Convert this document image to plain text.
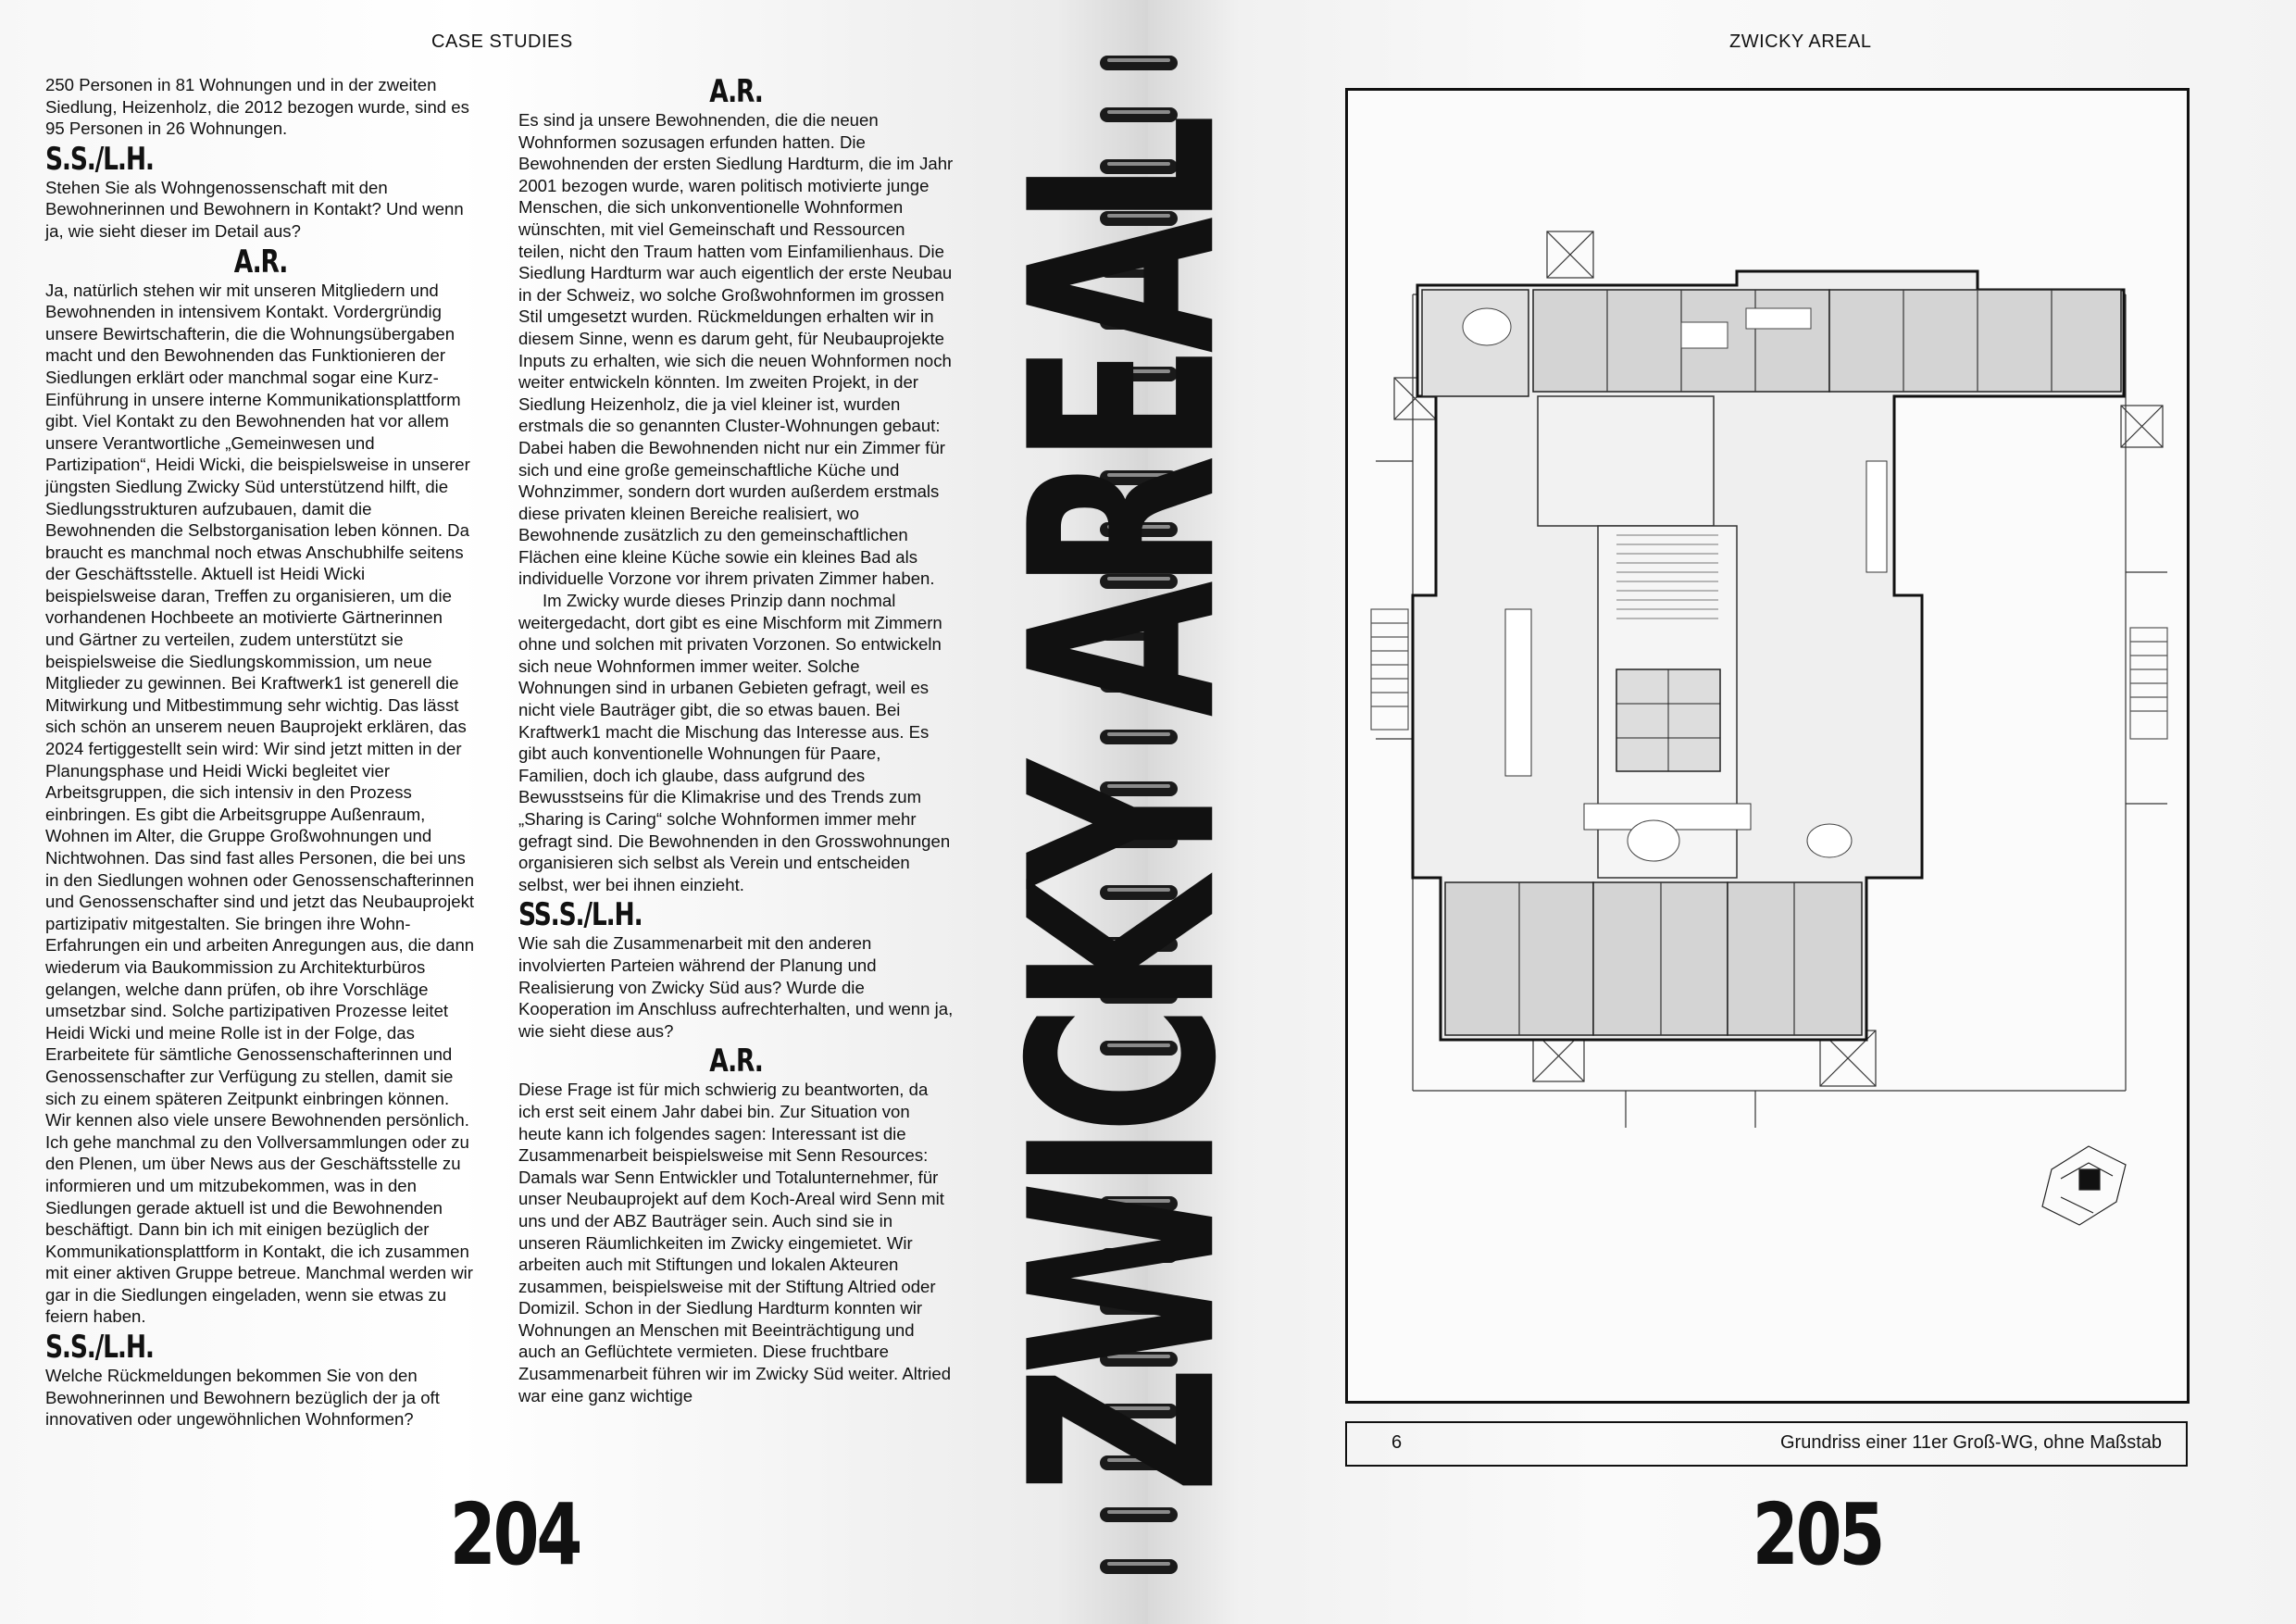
CASE STUDIES

250 Personen in 81 Wohnungen und in der zweiten Siedlung, Heizenholz, die 2012 bezogen wurde, sind es 95 Personen in 26 Wohnungen.

S.S./L.H.

Stehen Sie als Wohngenossenschaft mit den Bewohnerinnen und Bewohnern in Kontakt? Und wenn ja, wie sieht dieser im Detail aus?

A.R.

Ja, natürlich stehen wir mit unseren Mitgliedern und Bewohnenden in intensivem Kontakt. Vordergründig unsere Bewirtschafterin, die die Wohnungsübergaben macht und den Bewohnenden das Funktionieren der Siedlungen erklärt oder manchmal sogar eine Kurz-Einführung in unsere interne Kommunikationsplattform gibt. Viel Kontakt zu den Bewohnenden hat vor allem unsere Verantwortliche „Gemeinwesen und Partizipation“, Heidi Wicki, die beispielsweise in unserer jüngsten Siedlung Zwicky Süd unterstützend hilft, die Siedlungsstrukturen aufzubauen, damit die Bewohnenden die Selbstorganisation leben können. Da braucht es manchmal noch etwas Anschubhilfe seitens der Geschäftsstelle. Aktuell ist Heidi Wicki beispielsweise daran, Treffen zu organisieren, um die vorhandenen Hochbeete an motivierte Gärtnerinnen und Gärtner zu verteilen, zudem unterstützt sie beispielsweise die Siedlungskommission, um neue Mitglieder zu gewinnen. Bei Kraftwerk1 ist generell die Mitwirkung und Mitbestimmung sehr wichtig. Das lässt sich schön an unserem neuen Bauprojekt erklären, das 2024 fertiggestellt sein wird: Wir sind jetzt mitten in der Planungsphase und Heidi Wicki begleitet vier Arbeitsgruppen, die sich intensiv in den Prozess einbringen. Es gibt die Arbeitsgruppe Außenraum, Wohnen im Alter, die Gruppe Großwohnungen und Nichtwohnen. Das sind fast alles Personen, die bei uns in den Siedlungen wohnen oder Genossenschafterinnen und Genossenschafter sind und jetzt das Neubauprojekt partizipativ mitgestalten. Sie bringen ihre Wohn-Erfahrungen ein und arbeiten Anregungen aus, die dann wiederum via Baukommission zu Architekturbüros gelangen, welche dann prüfen, ob ihre Vorschläge umsetzbar sind. Solche partizipativen Prozesse leitet Heidi Wicki und meine Rolle ist in der Folge, das Erarbeitete für sämtliche Genossenschafterinnen und Genossenschafter zur Verfügung zu stellen, damit sie sich zu einem späteren Zeitpunkt einbringen können. Wir kennen also viele unsere Bewohnenden persönlich. Ich gehe manchmal zu den Vollversammlungen oder zu den Plenen, um über News aus der Geschäftsstelle zu informieren und um mitzubekommen, was in den Siedlungen gerade aktuell ist und die Bewohnenden beschäftigt. Dann bin ich mit einigen bezüglich der Kommunikationsplattform in Kontakt, die ich zusammen mit einer aktiven Gruppe betreue. Manchmal werden wir gar in die Siedlungen eingeladen, wenn sie etwas zu feiern haben.

S.S./L.H.

Welche Rückmeldungen bekommen Sie von den Bewohnerinnen und Bewohnern bezüglich der ja oft innovativen oder ungewöhnlichen Wohnformen?

A.R.

Es sind ja unsere Bewohnenden, die die neuen Wohnformen sozusagen erfunden hatten. Die Bewohnenden der ersten Siedlung Hardturm, die im Jahr 2001 bezogen wurde, waren politisch motivierte junge Menschen, die sich unkonventionelle Wohnformen wünschten, mit viel Gemeinschaft und Ressourcen teilen, nicht den Traum hatten vom Einfamilienhaus. Die Siedlung Hardturm war auch eigentlich der erste Neubau in der Schweiz, wo solche Großwohnformen im grossen Stil umgesetzt wurden. Rückmeldungen erhalten wir in diesem Sinne, wenn es darum geht, für Neubauprojekte Inputs zu erhalten, wie sich die neuen Wohnformen noch weiter entwickeln könnten. Im zweiten Projekt, in der Siedlung Heizenholz, die ja viel kleiner ist, wurden erstmals die so genannten Cluster-Wohnungen gebaut: Dabei haben die Bewohnenden nicht nur ein Zimmer für sich und eine große gemeinschaftliche Küche und Wohnzimmer, sondern dort wurden außerdem erstmals diese privaten kleinen Bereiche realisiert, wo Bewohnende zusätzlich zu den gemeinschaftlichen Flächen eine kleine Küche sowie ein kleines Bad als individuelle Vorzone vor ihrem privaten Zimmer haben.

Im Zwicky wurde dieses Prinzip dann nochmal weitergedacht, dort gibt es eine Mischform mit Zimmern ohne und solchen mit privaten Vorzonen. So entwickeln sich neue Wohnformen immer weiter. Solche Wohnungen sind in urbanen Gebieten gefragt, weil es nicht viele Bauträger gibt, die so etwas bauen. Bei Kraftwerk1 macht die Mischung das Interesse aus. Es gibt auch konventionelle Wohnungen für Paare, Familien, doch ich glaube, dass aufgrund des Bewusstseins für die Klimakrise und des Trends zum „Sharing is Caring“ solche Wohnformen immer mehr gefragt sind. Die Bewohnenden in den Grosswohnungen organisieren sich selbst als Verein und entscheiden selbst, wer bei ihnen einzieht.

SS.S./L.H.

Wie sah die Zusammenarbeit mit den anderen involvierten Parteien während der Planung und Realisierung von Zwicky Süd aus? Wurde die Kooperation im Anschluss aufrechterhalten, und wenn ja, wie sieht diese aus?

A.R.

Diese Frage ist für mich schwierig zu beantworten, da ich erst seit einem Jahr dabei bin. Zur Situation von heute kann ich folgendes sagen: Interessant ist die Zusammenarbeit beispielsweise mit Senn Resources: Damals war Senn Entwickler und Totalunternehmer, für unser Neubauprojekt auf dem Koch-Areal wird Senn mit uns und der ABZ Bauträger sein. Auch sind sie in unseren Räumlichkeiten im Zwicky eingemietet. Wir arbeiten auch mit Stiftungen und lokalen Akteuren zusammen, beispielsweise mit der Stiftung Altried oder Domizil. Schon in der Siedlung Hardturm konnten wir Wohnungen an Menschen mit Beeinträchtigung und auch an Geflüchtete vermieten. Diese fruchtbare Zusammenarbeit führen wir im Zwicky Süd weiter. Altried war eine ganz wichtige

204
ZWICKY AREAL
205
6	Grundriss einer 11er Groß-WG, ohne Maßstab
ZWICKY AREAL
